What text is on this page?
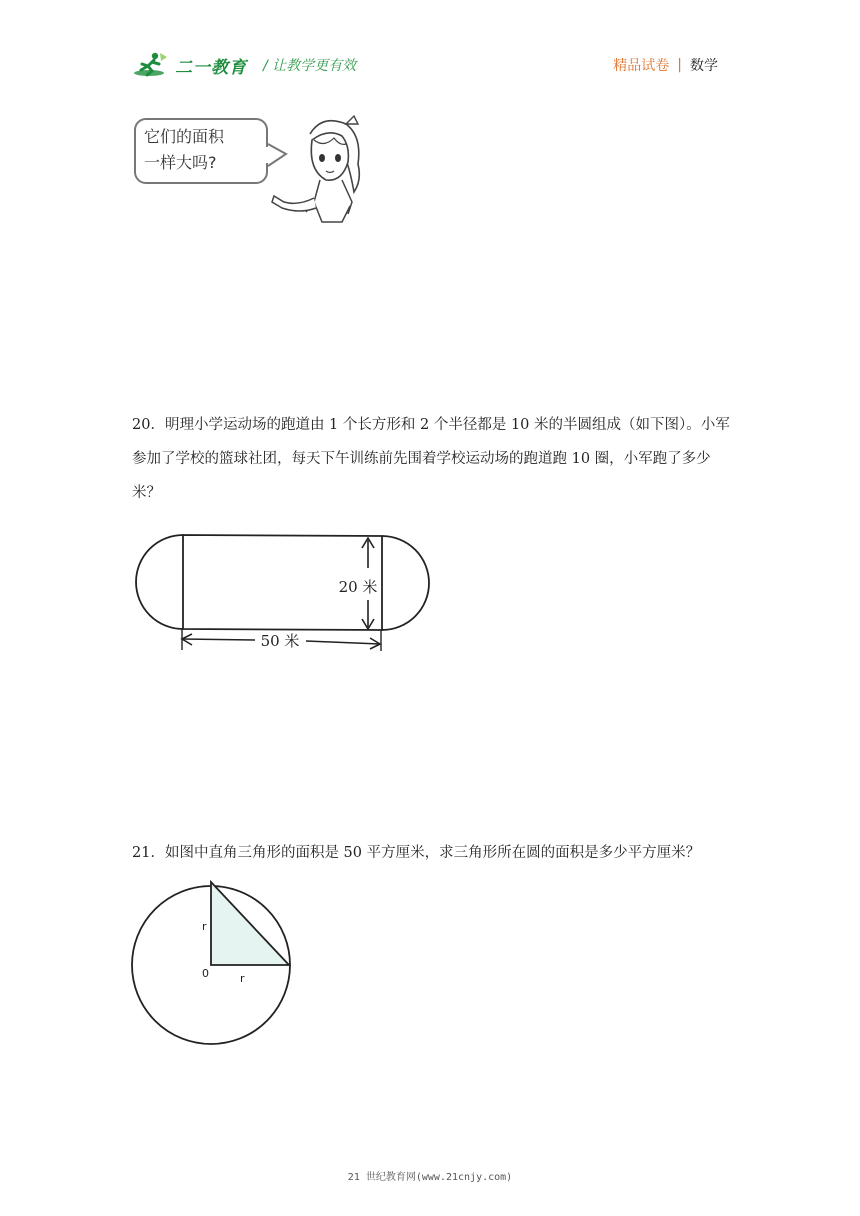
二一教育 / 让教学更有效	精品试卷 | 数学
它们的面积
一样大吗?
20．明理小学运动场的跑道由 1 个长方形和 2 个半径都是 10 米的半圆组成（如下图）。小军参加了学校的篮球社团，每天下午训练前先围着学校运动场的跑道跑 10 圈，小军跑了多少米？
20 米
50 米
21．如图中直角三角形的面积是 50 平方厘米，求三角形所在圆的面积是多少平方厘米？
r
0	r
21 世纪教育网(www.21cnjy.com)
